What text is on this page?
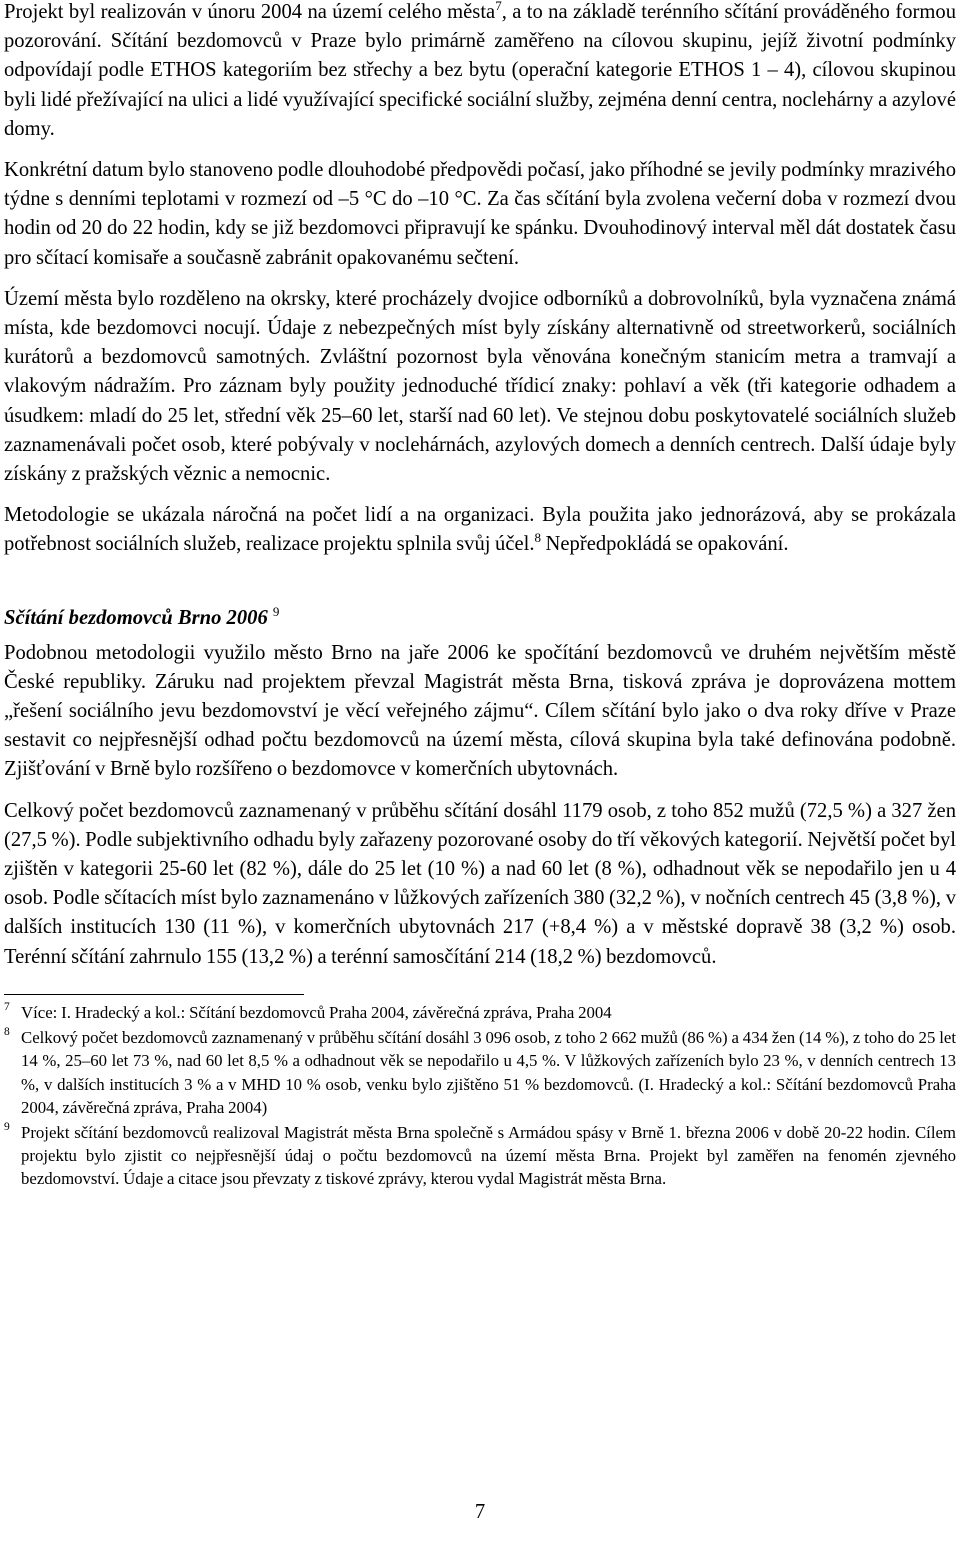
Projekt byl realizován v únoru 2004 na území celého města$^7$, a to na základě terénního sčítání prováděného formou pozorování. Sčítání bezdomovců v Praze bylo primárně zaměřeno na cílovou skupinu, jejíž životní podmínky odpovídají podle ETHOS kategoriím bez střechy a bez bytu (operační kategorie ETHOS 1 – 4), cílovou skupinou byli lidé přežívající na ulici a lidé využívající specifické sociální služby, zejména denní centra, noclehárny a azylové domy.

Konkrétní datum bylo stanoveno podle dlouhodobé předpovědi počasí, jako příhodné se jevily podmínky mrazivého týdne s denními teplotami v rozmezí od –5 °C do –10 °C. Za čas sčítání byla zvolena večerní doba v rozmezí dvou hodin od 20 do 22 hodin, kdy se již bezdomovci připravují ke spánku. Dvouhodinový interval měl dát dostatek času pro sčítací komisaře a současně zabránit opakovanému sečtení.

Území města bylo rozděleno na okrsky, které procházely dvojice odborníků a dobrovolníků, byla vyznačena známá místa, kde bezdomovci nocují. Údaje z nebezpečných míst byly získány alternativně od streetworkerů, sociálních kurátorů a bezdomovců samotných. Zvláštní pozornost byla věnována konečným stanicím metra a tramvají a vlakovým nádražím. Pro záznam byly použity jednoduché třídicí znaky: pohlaví a věk (tři kategorie odhadem a úsudkem: mladí do 25 let, střední věk 25–60 let, starší nad 60 let). Ve stejnou dobu poskytovatelé sociálních služeb zaznamenávali počet osob, které pobývaly v noclehárnách, azylových domech a denních centrech. Další údaje byly získány z pražských věznic a nemocnic.

Metodologie se ukázala náročná na počet lidí a na organizaci. Byla použita jako jednorázová, aby se prokázala potřebnost sociálních služeb, realizace projektu splnila svůj účel.$^8$ Nepředpokládá se opakování.

Sčítání bezdomovců Brno 2006 $^9$

Podobnou metodologii využilo město Brno na jaře 2006 ke spočítání bezdomovců ve druhém největším městě České republiky. Záruku nad projektem převzal Magistrát města Brna, tisková zpráva je doprovázena mottem „řešení sociálního jevu bezdomovství je věcí veřejného zájmu“. Cílem sčítání bylo jako o dva roky dříve v Praze sestavit co nejpřesnější odhad počtu bezdomovců na území města, cílová skupina byla také definována podobně. Zjišťování v Brně bylo rozšířeno o bezdomovce v komerčních ubytovnách.

Celkový počet bezdomovců zaznamenaný v průběhu sčítání dosáhl 1179 osob, z toho 852 mužů (72,5 %) a 327 žen (27,5 %). Podle subjektivního odhadu byly zařazeny pozorované osoby do tří věkových kategorií. Největší počet byl zjištěn v kategorii 25-60 let (82 %), dále do 25 let (10 %) a nad 60 let (8 %), odhadnout věk se nepodařilo jen u 4 osob. Podle sčítacích míst bylo zaznamenáno v lůžkových zařízeních 380 (32,2 %), v nočních centrech 45 (3,8 %), v dalších institucích 130 (11 %), v komerčních ubytovnách 217 (+8,4 %) a v městské dopravě 38 (3,2 %) osob. Terénní sčítání zahrnulo 155 (13,2 %) a terénní samosčítání 214 (18,2 %) bezdomovců.

7 Více: I. Hradecký a kol.: Sčítání bezdomovců Praha 2004, závěrečná zpráva, Praha 2004
8 Celkový počet bezdomovců zaznamenaný v průběhu sčítání dosáhl 3 096 osob, z toho 2 662 mužů (86 %) a 434 žen (14 %), z toho do 25 let 14 %, 25–60 let 73 %, nad 60 let 8,5 % a odhadnout věk se nepodařilo u 4,5 %. V lůžkových zařízeních bylo 23 %, v denních centrech 13 %, v dalších institucích 3 % a v MHD 10 % osob, venku bylo zjištěno 51 % bezdomovců. (I. Hradecký a kol.: Sčítání bezdomovců Praha 2004, závěrečná zpráva, Praha 2004)
9 Projekt sčítání bezdomovců realizoval Magistrát města Brna společně s Armádou spásy v Brně 1. března 2006 v době 20-22 hodin. Cílem projektu bylo zjistit co nejpřesnější údaj o počtu bezdomovců na území města Brna. Projekt byl zaměřen na fenomén zjevného bezdomovství. Údaje a citace jsou převzaty z tiskové zprávy, kterou vydal Magistrát města Brna.
7
